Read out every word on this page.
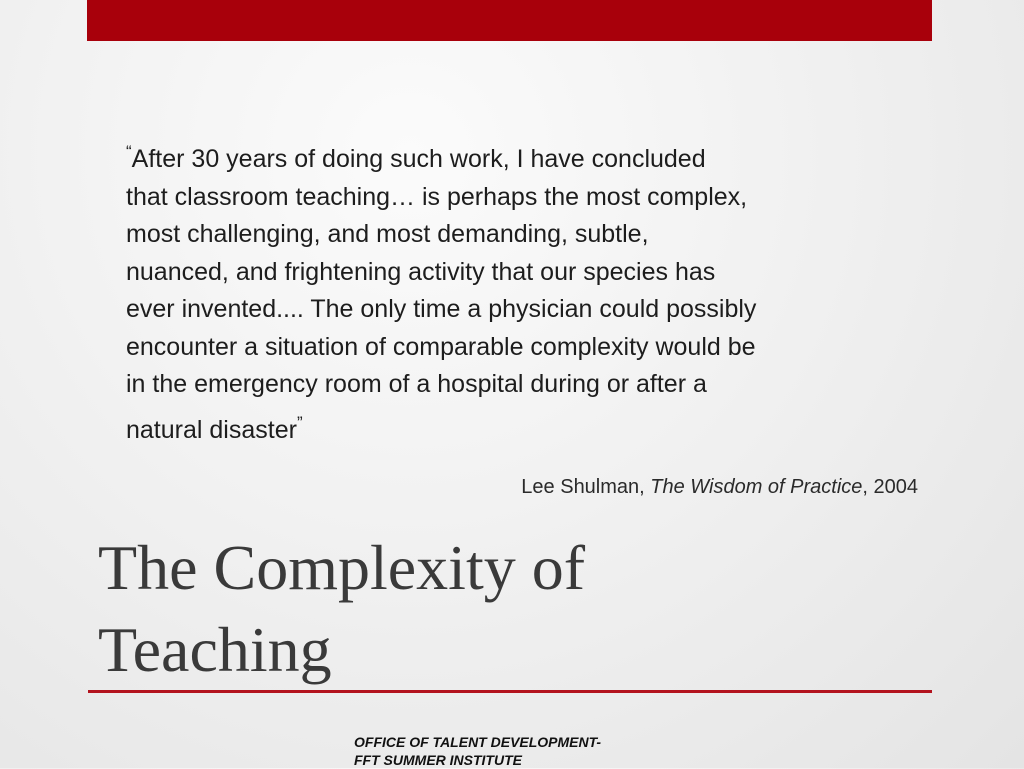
“After 30 years of doing such work, I have concluded
that classroom teaching… is perhaps the most complex,
most challenging, and most demanding, subtle,
nuanced, and frightening activity that our species has
ever invented.... The only time a physician could possibly
encounter a situation of comparable complexity would be
in the emergency room of a hospital during or after a
natural disaster”
Lee Shulman, The Wisdom of Practice, 2004
The Complexity of
Teaching
OFFICE OF TALENT DEVELOPMENT-
FFT SUMMER INSTITUTE
